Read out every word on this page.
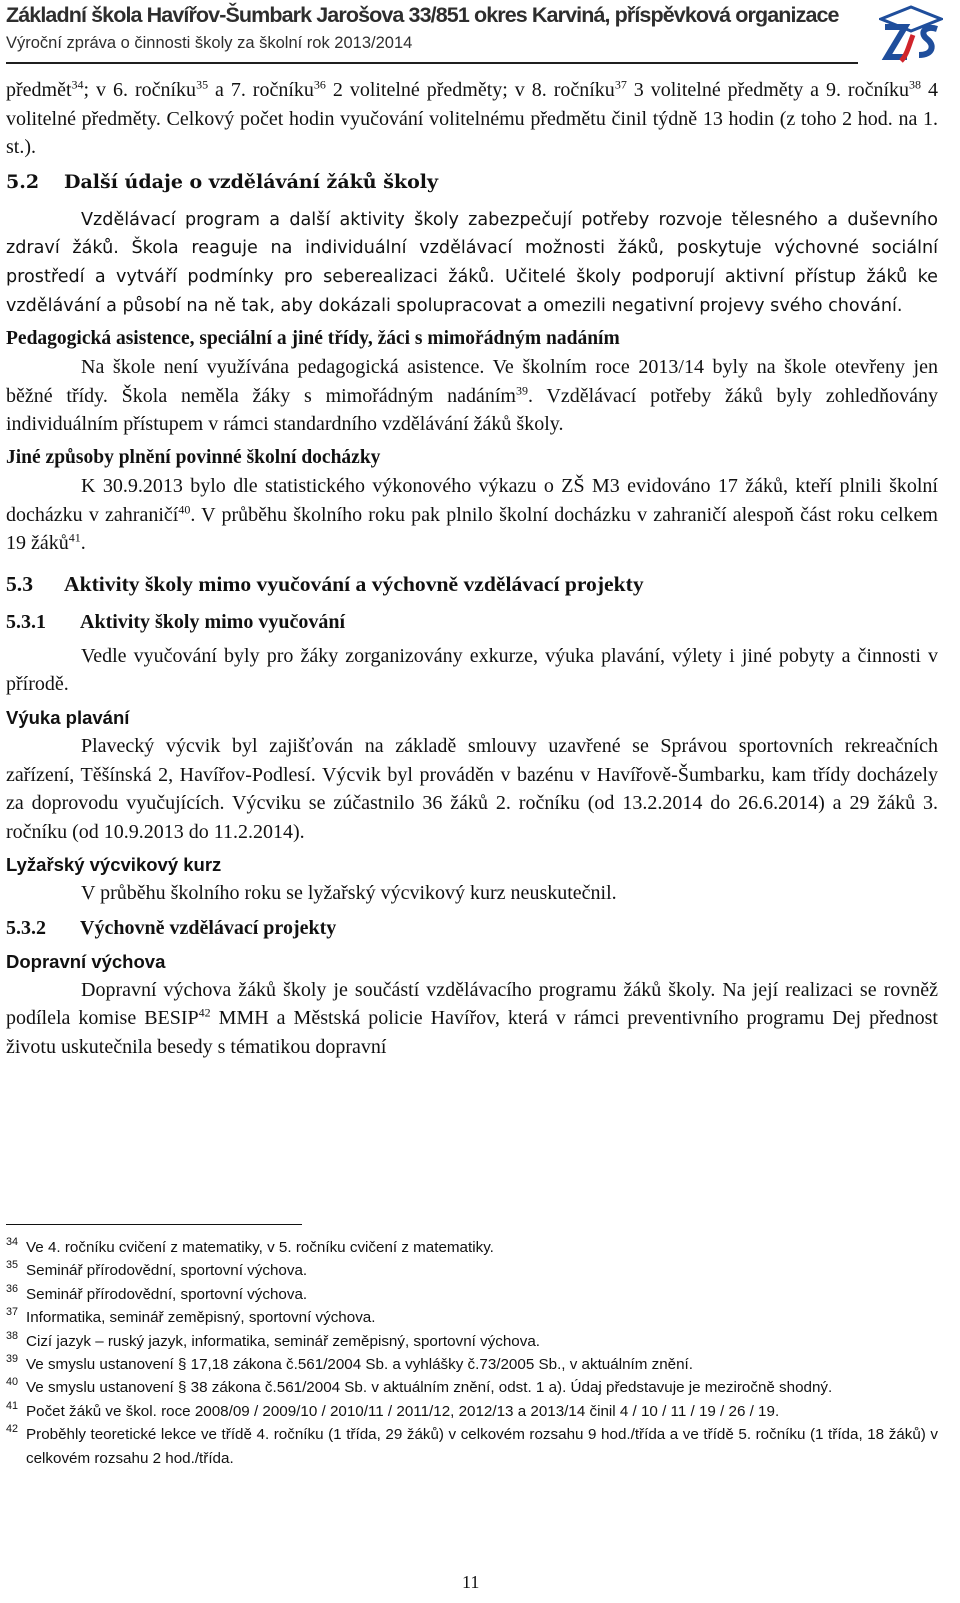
Základní škola Havířov-Šumbark Jarošova 33/851 okres Karviná, příspěvková organizace
Výroční zpráva o činnosti školy za školní rok 2013/2014

předmět$^{34}$; v 6. ročníku$^{35}$ a 7. ročníku$^{36}$ 2 volitelné předměty; v 8. ročníku$^{37}$ 3 volitelné předměty a 9. ročníku$^{38}$ 4 volitelné předměty. Celkový počet hodin vyučování volitelnému předmětu činil týdně 13 hodin (z toho 2 hod. na 1. st.).

5.2 Další údaje o vzdělávání žáků školy

Vzdělávací program a další aktivity školy zabezpečují potřeby rozvoje tělesného a duševního zdraví žáků. Škola reaguje na individuální vzdělávací možnosti žáků, poskytuje výchovné sociální prostředí a vytváří podmínky pro seberealizaci žáků. Učitelé školy podporují aktivní přístup žáků ke vzdělávání a působí na ně tak, aby dokázali spolupracovat a omezili negativní projevy svého chování.

Pedagogická asistence, speciální a jiné třídy, žáci s mimořádným nadáním

Na škole není využívána pedagogická asistence. Ve školním roce 2013/14 byly na škole otevřeny jen běžné třídy. Škola neměla žáky s mimořádným nadáním$^{39}$. Vzdělávací potřeby žáků byly zohledňovány individuálním přístupem v rámci standardního vzdělávání žáků školy.

Jiné způsoby plnění povinné školní docházky

K 30.9.2013 bylo dle statistického výkonového výkazu o ZŠ M3 evidováno 17 žáků, kteří plnili školní docházku v zahraničí$^{40}$. V průběhu školního roku pak plnilo školní docházku v zahraničí alespoň část roku celkem 19 žáků$^{41}$.

5.3 Aktivity školy mimo vyučování a výchovně vzdělávací projekty
5.3.1 Aktivity školy mimo vyučování

Vedle vyučování byly pro žáky zorganizovány exkurze, výuka plavání, výlety i jiné pobyty a činnosti v přírodě.

Výuka plavání

Plavecký výcvik byl zajišťován na základě smlouvy uzavřené se Správou sportovních rekreačních zařízení, Těšínská 2, Havířov-Podlesí. Výcvik byl prováděn v bazénu v Havířově-Šumbarku, kam třídy docházely za doprovodu vyučujících. Výcviku se zúčastnilo 36 žáků 2. ročníku (od 13.2.2014 do 26.6.2014) a 29 žáků 3. ročníku (od 10.9.2013 do 11.2.2014).

Lyžařský výcvikový kurz

V průběhu školního roku se lyžařský výcvikový kurz neuskutečnil.

5.3.2 Výchovně vzdělávací projekty
Dopravní výchova

Dopravní výchova žáků školy je součástí vzdělávacího programu žáků školy. Na její realizaci se rovněž podílela komise BESIP$^{42}$ MMH a Městská policie Havířov, která v rámci preventivního programu Dej přednost životu uskutečnila besedy s tématikou dopravní

34 Ve 4. ročníku cvičení z matematiky, v 5. ročníku cvičení z matematiky.
35 Seminář přírodovědní, sportovní výchova.
36 Seminář přírodovědní, sportovní výchova.
37 Informatika, seminář zeměpisný, sportovní výchova.
38 Cizí jazyk – ruský jazyk, informatika, seminář zeměpisný, sportovní výchova.
39 Ve smyslu ustanovení § 17,18 zákona č.561/2004 Sb. a vyhlášky č.73/2005 Sb., v aktuálním znění.
40 Ve smyslu ustanovení § 38 zákona č.561/2004 Sb. v aktuálním znění, odst. 1 a). Údaj představuje je meziročně shodný.
41 Počet žáků ve škol. roce 2008/09 / 2009/10 / 2010/11 / 2011/12, 2012/13 a 2013/14 činil 4 / 10 / 11 / 19 / 26 / 19.
42 Proběhly teoretické lekce ve třídě 4. ročníku (1 třída, 29 žáků) v celkovém rozsahu 9 hod./třída a ve třídě 5. ročníku (1 třída, 18 žáků) v celkovém rozsahu 2 hod./třída.
11
